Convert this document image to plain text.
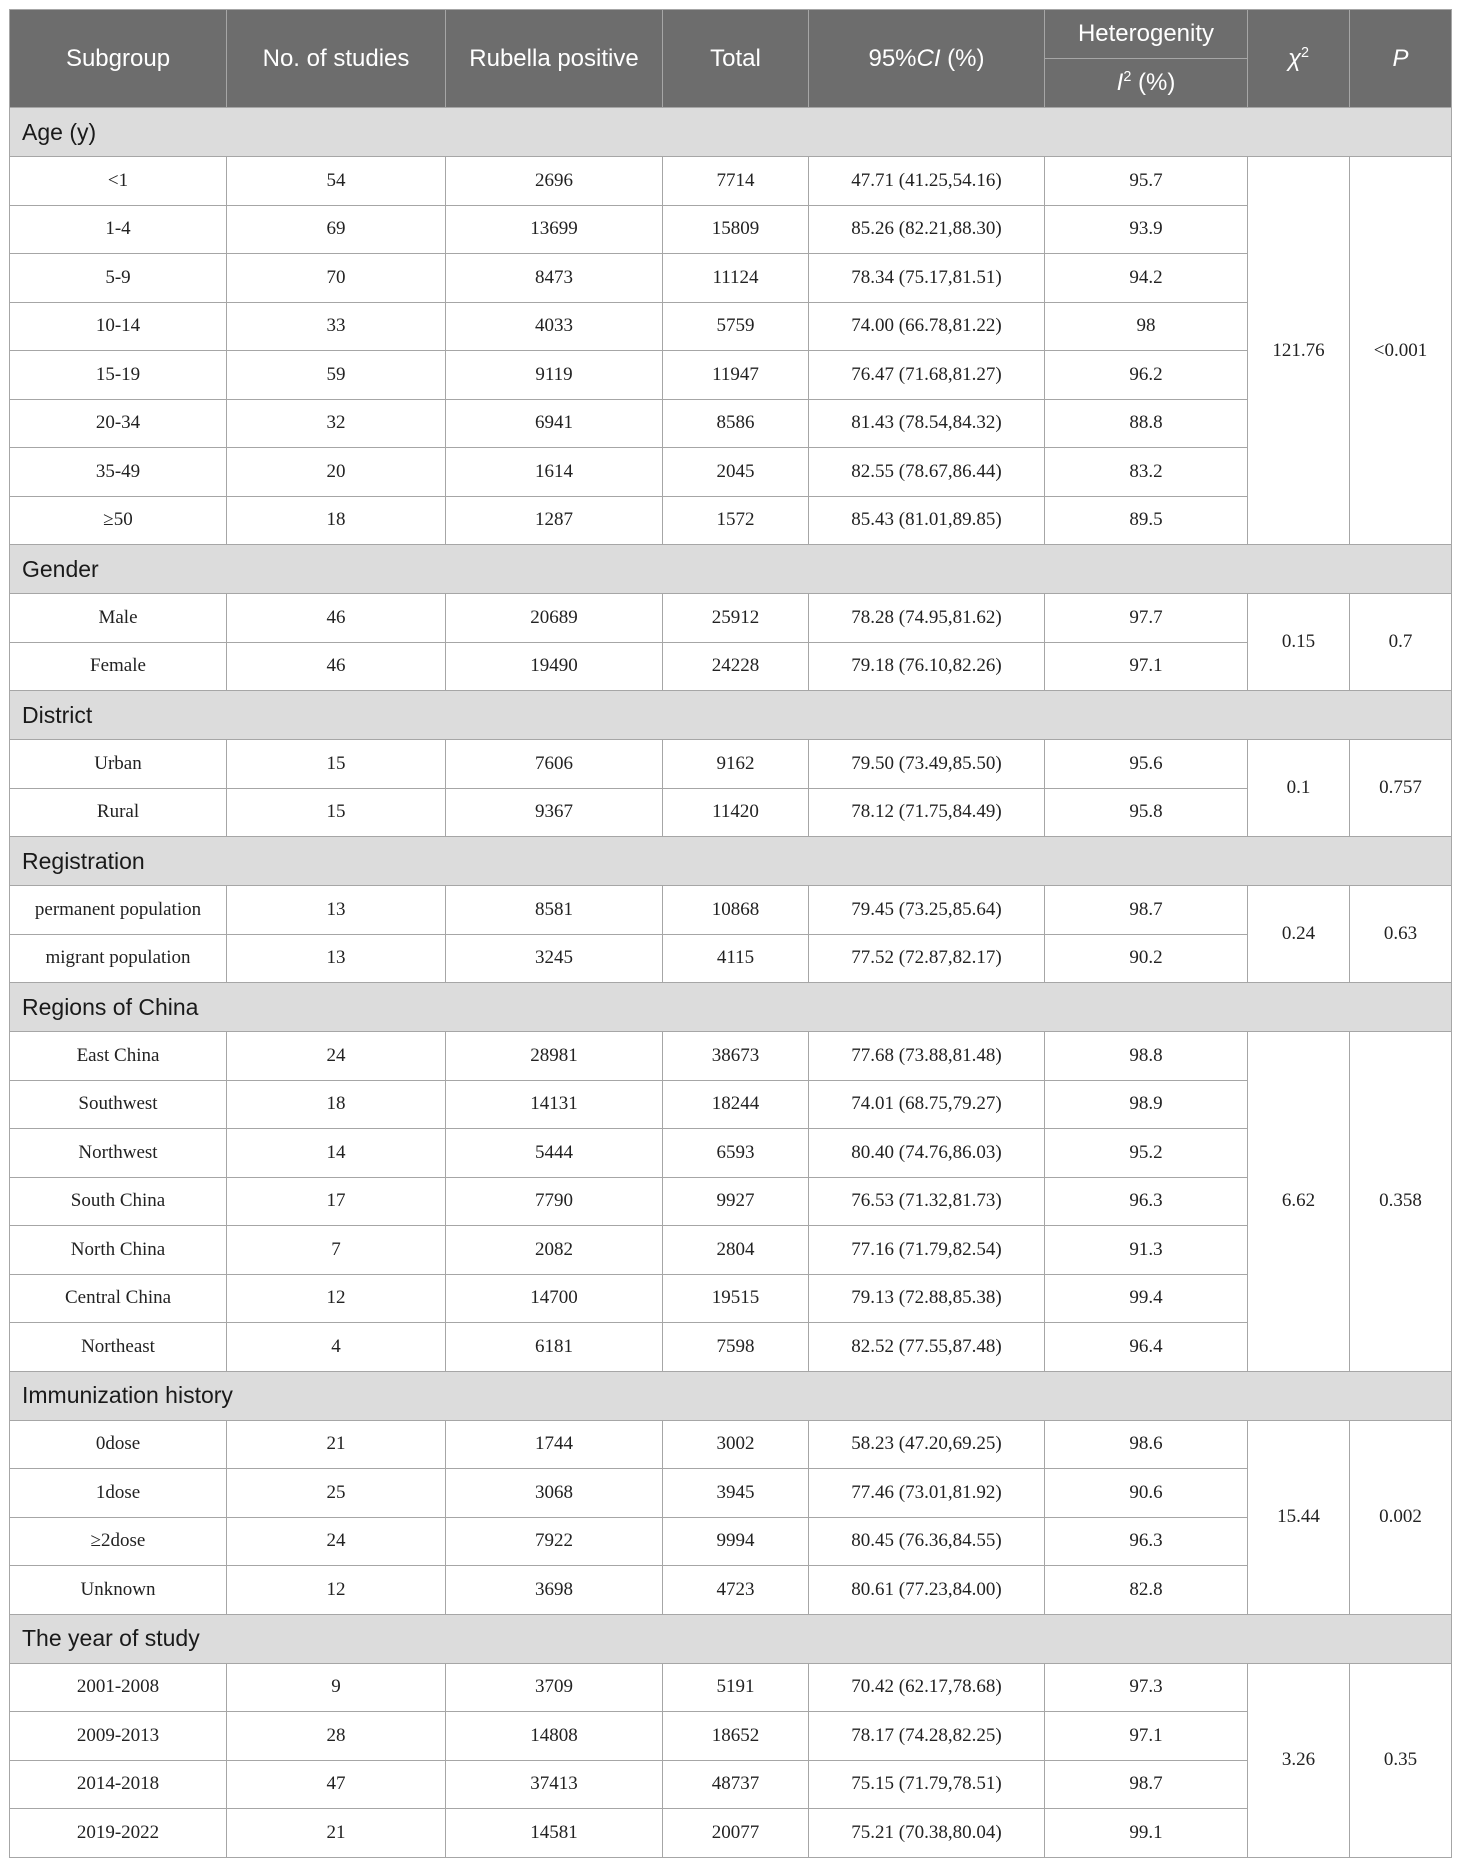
Subgroup	No. of studies	Rubella positive	Total	95%CI (%)	Heterogenity	$\chi^2$	P
					$I^2$ (%)		
Age (y)							
<1	54	2696	7714	47.71 (41.25,54.16)	95.7	121.76	<0.001
1-4	69	13699	15809	85.26 (82.21,88.30)	93.9		
5-9	70	8473	11124	78.34 (75.17,81.51)	94.2		
10-14	33	4033	5759	74.00 (66.78,81.22)	98		
15-19	59	9119	11947	76.47 (71.68,81.27)	96.2		
20-34	32	6941	8586	81.43 (78.54,84.32)	88.8		
35-49	20	1614	2045	82.55 (78.67,86.44)	83.2		
≥50	18	1287	1572	85.43 (81.01,89.85)	89.5		
Gender							
Male	46	20689	25912	78.28 (74.95,81.62)	97.7	0.15	0.7
Female	46	19490	24228	79.18 (76.10,82.26)	97.1		
District							
Urban	15	7606	9162	79.50 (73.49,85.50)	95.6	0.1	0.757
Rural	15	9367	11420	78.12 (71.75,84.49)	95.8		
Registration							
permanent population	13	8581	10868	79.45 (73.25,85.64)	98.7	0.24	0.63
migrant population	13	3245	4115	77.52 (72.87,82.17)	90.2		
Regions of China							
East China	24	28981	38673	77.68 (73.88,81.48)	98.8	6.62	0.358
Southwest	18	14131	18244	74.01 (68.75,79.27)	98.9		
Northwest	14	5444	6593	80.40 (74.76,86.03)	95.2		
South China	17	7790	9927	76.53 (71.32,81.73)	96.3		
North China	7	2082	2804	77.16 (71.79,82.54)	91.3		
Central China	12	14700	19515	79.13 (72.88,85.38)	99.4		
Northeast	4	6181	7598	82.52 (77.55,87.48)	96.4		
Immunization history							
0dose	21	1744	3002	58.23 (47.20,69.25)	98.6	15.44	0.002
1dose	25	3068	3945	77.46 (73.01,81.92)	90.6		
≥2dose	24	7922	9994	80.45 (76.36,84.55)	96.3		
Unknown	12	3698	4723	80.61 (77.23,84.00)	82.8		
The year of study							
2001-2008	9	3709	5191	70.42 (62.17,78.68)	97.3	3.26	0.35
2009-2013	28	14808	18652	78.17 (74.28,82.25)	97.1		
2014-2018	47	37413	48737	75.15 (71.79,78.51)	98.7		
2019-2022	21	14581	20077	75.21 (70.38,80.04)	99.1		
